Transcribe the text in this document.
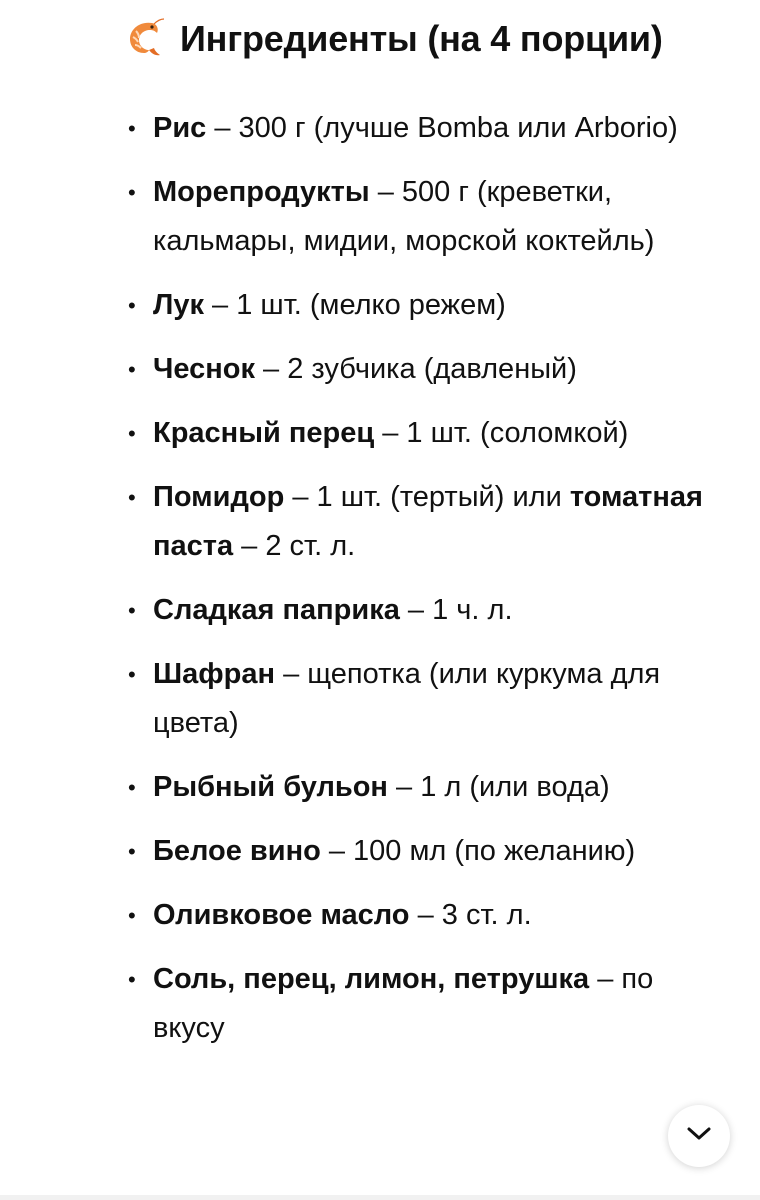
Ингредиенты (на 4 порции)
• Рис – 300 г (лучше Bomba или Arborio)
• Морепродукты – 500 г (креветки, кальмары, мидии, морской коктейль)
• Лук – 1 шт. (мелко режем)
• Чеснок – 2 зубчика (давленый)
• Красный перец – 1 шт. (соломкой)
• Помидор – 1 шт. (тертый) или томатная паста – 2 ст. л.
• Сладкая паприка – 1 ч. л.
• Шафран – щепотка (или куркума для цвета)
• Рыбный бульон – 1 л (или вода)
• Белое вино – 100 мл (по желанию)
• Оливковое масло – 3 ст. л.
• Соль, перец, лимон, петрушка – по вкусу
